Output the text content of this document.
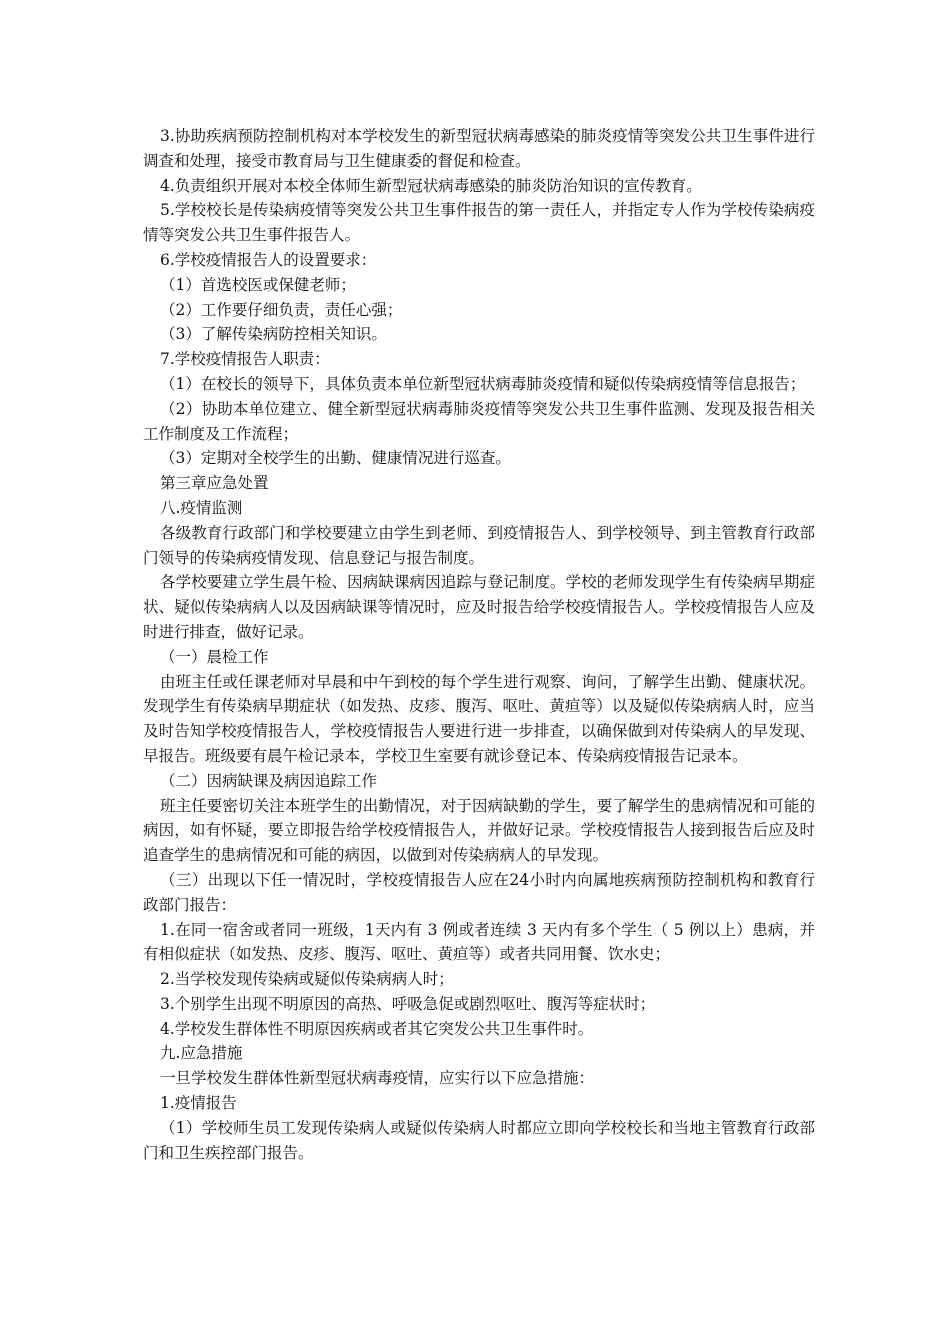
3.协助疾病预防控制机构对本学校发生的新型冠状病毒感染的肺炎疫情等突发公共卫生事件进行调查和处理，接受市教育局与卫生健康委的督促和检查。

4.负责组织开展对本校全体师生新型冠状病毒感染的肺炎防治知识的宣传教育。

5.学校校长是传染病疫情等突发公共卫生事件报告的第一责任人，并指定专人作为学校传染病疫情等突发公共卫生事件报告人。

6.学校疫情报告人的设置要求：

（1）首选校医或保健老师；

（2）工作要仔细负责，责任心强；

（3）了解传染病防控相关知识。

7.学校疫情报告人职责：

（1）在校长的领导下，具体负责本单位新型冠状病毒肺炎疫情和疑似传染病疫情等信息报告；

（2）协助本单位建立、健全新型冠状病毒肺炎疫情等突发公共卫生事件监测、发现及报告相关工作制度及工作流程；

（3）定期对全校学生的出勤、健康情况进行巡查。

第三章应急处置

八.疫情监测

各级教育行政部门和学校要建立由学生到老师、到疫情报告人、到学校领导、到主管教育行政部门领导的传染病疫情发现、信息登记与报告制度。

各学校要建立学生晨午检、因病缺课病因追踪与登记制度。学校的老师发现学生有传染病早期症状、疑似传染病病人以及因病缺课等情况时，应及时报告给学校疫情报告人。学校疫情报告人应及时进行排查，做好记录。

（一）晨检工作

由班主任或任课老师对早晨和中午到校的每个学生进行观察、询问，了解学生出勤、健康状况。发现学生有传染病早期症状（如发热、皮疹、腹泻、呕吐、黄疸等）以及疑似传染病病人时，应当及时告知学校疫情报告人，学校疫情报告人要进行进一步排查，以确保做到对传染病人的早发现、早报告。班级要有晨午检记录本，学校卫生室要有就诊登记本、传染病疫情报告记录本。

（二）因病缺课及病因追踪工作

班主任要密切关注本班学生的出勤情况，对于因病缺勤的学生，要了解学生的患病情况和可能的病因，如有怀疑，要立即报告给学校疫情报告人，并做好记录。学校疫情报告人接到报告后应及时追查学生的患病情况和可能的病因，以做到对传染病病人的早发现。

（三）出现以下任一情况时，学校疫情报告人应在24小时内向属地疾病预防控制机构和教育行政部门报告：

1.在同一宿舍或者同一班级，1天内有 3 例或者连续 3 天内有多个学生（ 5 例以上）患病，并有相似症状（如发热、皮疹、腹泻、呕吐、黄疸等）或者共同用餐、饮水史；

2.当学校发现传染病或疑似传染病病人时；

3.个别学生出现不明原因的高热、呼吸急促或剧烈呕吐、腹泻等症状时；

4.学校发生群体性不明原因疾病或者其它突发公共卫生事件时。

九.应急措施

一旦学校发生群体性新型冠状病毒疫情，应实行以下应急措施：

1.疫情报告

（1）学校师生员工发现传染病人或疑似传染病人时都应立即向学校校长和当地主管教育行政部门和卫生疾控部门报告。
